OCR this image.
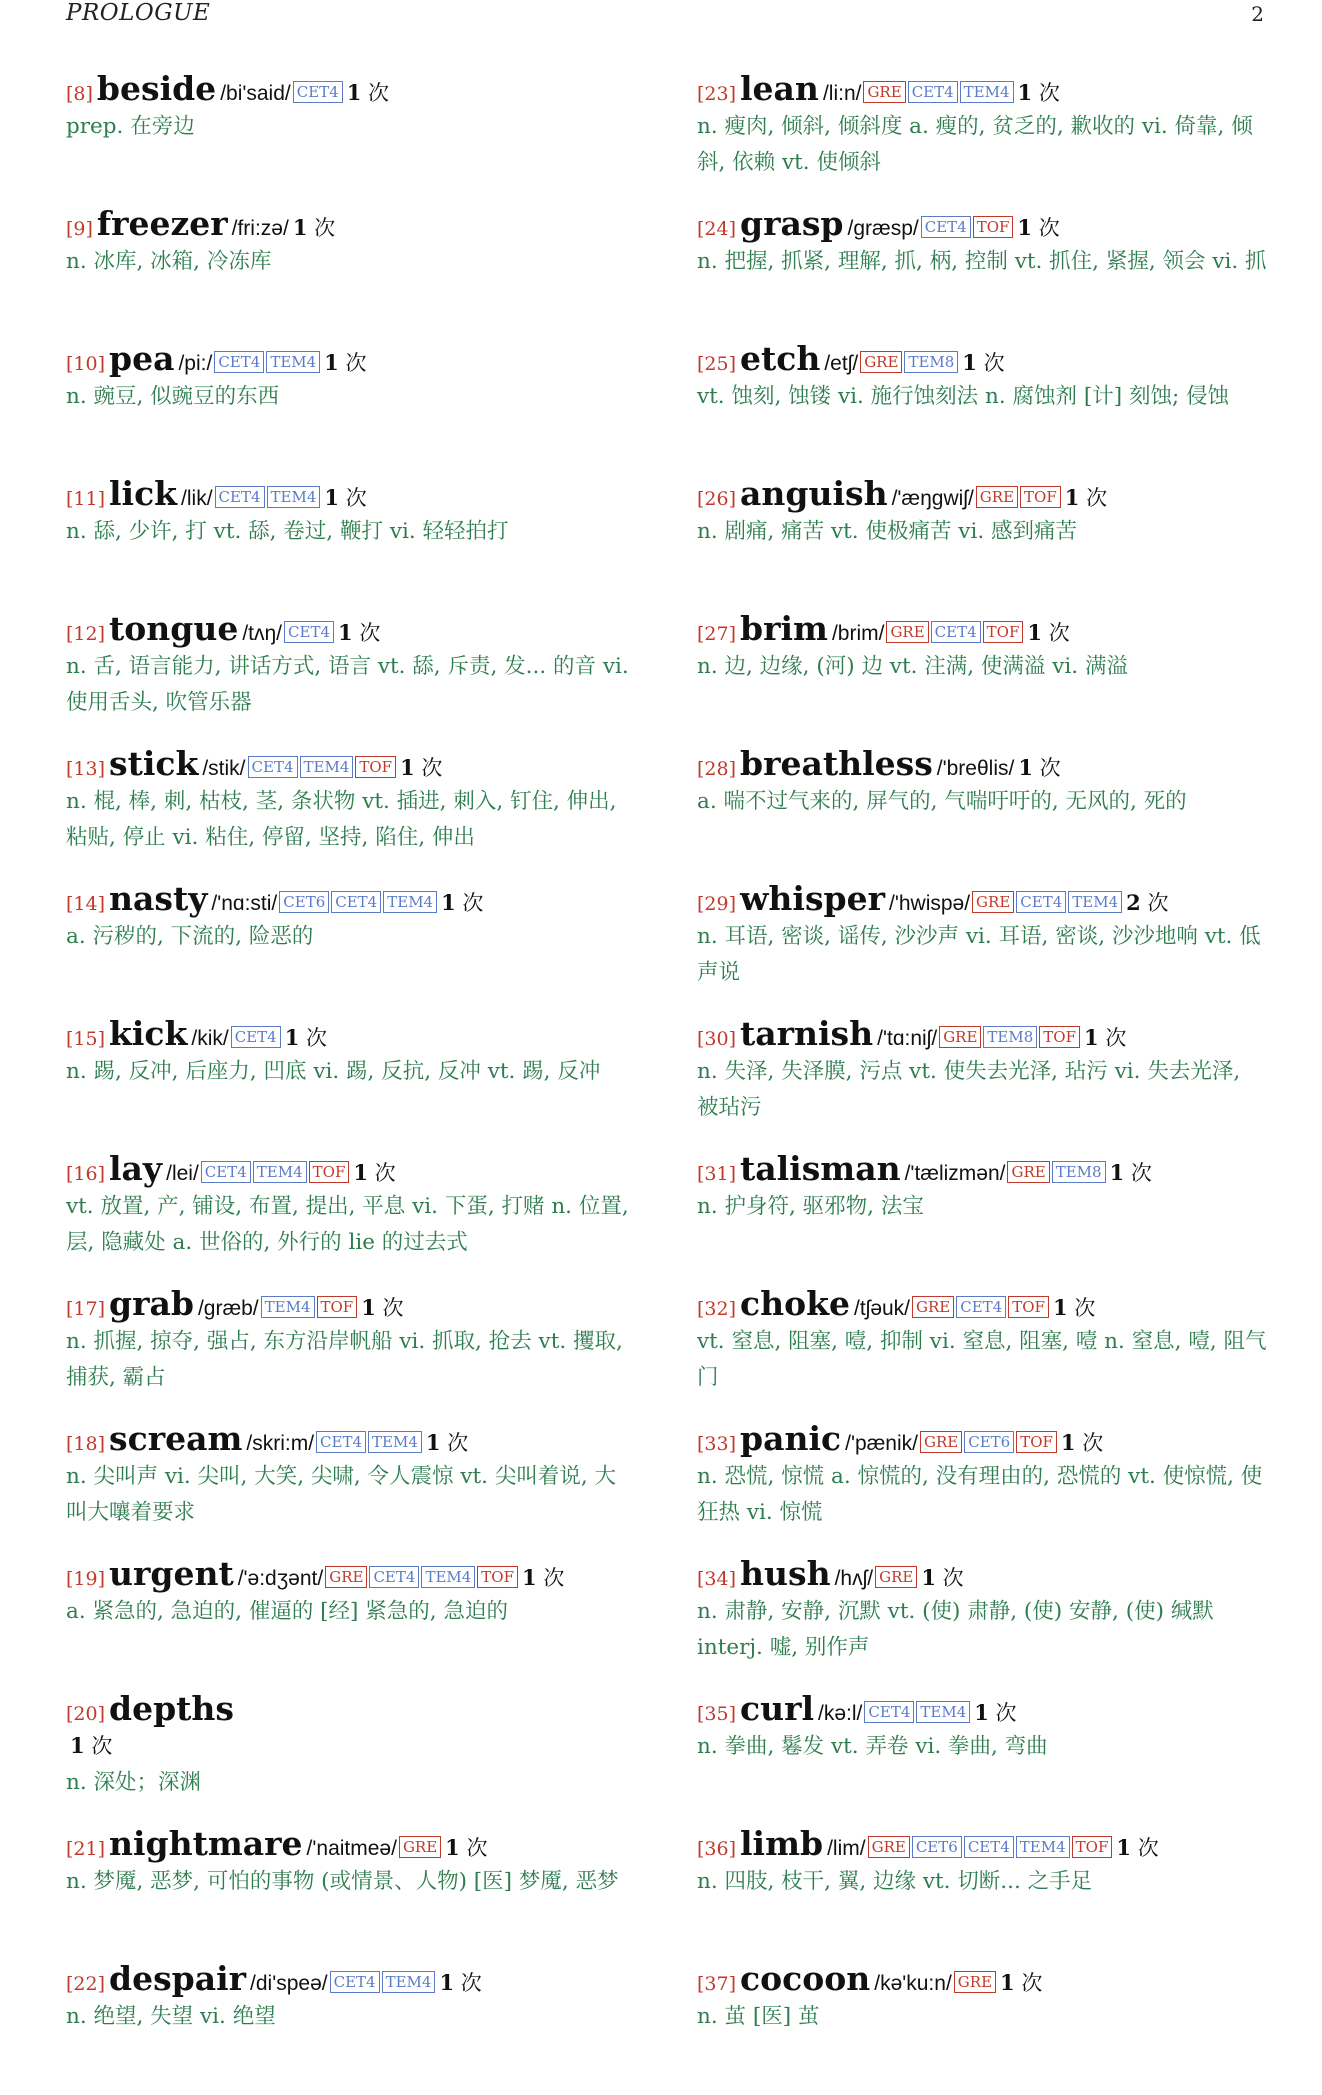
PROLOGUE	2
[8] beside /bi'said/ CET4 1 次
prep. 在旁边
[9] freezer /fri:zə/ 1 次
n. 冰库, 冰箱, 冷冻库
[10] pea /pi:/ CET4 TEM4 1 次
n. 豌豆, 似豌豆的东西
[11] lick /lik/ CET4 TEM4 1 次
n. 舔, 少许, 打 vt. 舔, 卷过, 鞭打 vi. 轻轻拍打
[12] tongue /tʌŋ/ CET4 1 次
n. 舌, 语言能力, 讲话方式, 语言 vt. 舔, 斥责, 发... 的音 vi. 使用舌头, 吹管乐器
[13] stick /stik/ CET4 TEM4 TOF 1 次
n. 棍, 棒, 刺, 枯枝, 茎, 条状物 vt. 插进, 刺入, 钉住, 伸出, 粘贴, 停止 vi. 粘住, 停留, 坚持, 陷住, 伸出
[14] nasty /'nɑ:sti/ CET6 CET4 TEM4 1 次
a. 污秽的, 下流的, 险恶的
[15] kick /kik/ CET4 1 次
n. 踢, 反冲, 后座力, 凹底 vi. 踢, 反抗, 反冲 vt. 踢, 反冲
[16] lay /lei/ CET4 TEM4 TOF 1 次
vt. 放置, 产, 铺设, 布置, 提出, 平息 vi. 下蛋, 打赌 n. 位置, 层, 隐藏处 a. 世俗的, 外行的 lie 的过去式
[17] grab /græb/ TEM4 TOF 1 次
n. 抓握, 掠夺, 强占, 东方沿岸帆船 vi. 抓取, 抢去 vt. 攫取, 捕获, 霸占
[18] scream /skri:m/ CET4 TEM4 1 次
n. 尖叫声 vi. 尖叫, 大笑, 尖啸, 令人震惊 vt. 尖叫着说, 大叫大嚷着要求
[19] urgent /'ə:dʒənt/ GRE CET4 TEM4 TOF 1 次
a. 紧急的, 急迫的, 催逼的 [经] 紧急的, 急迫的
[20] depths
1 次
n. 深处；深渊
[21] nightmare /'naitmeə/ GRE 1 次
n. 梦魇, 恶梦, 可怕的事物 (或情景、人物) [医] 梦魇, 恶梦
[22] despair /di'speə/ CET4 TEM4 1 次
n. 绝望, 失望 vi. 绝望
[23] lean /li:n/ GRE CET4 TEM4 1 次
n. 瘦肉, 倾斜, 倾斜度 a. 瘦的, 贫乏的, 歉收的 vi. 倚靠, 倾斜, 依赖 vt. 使倾斜
[24] grasp /græsp/ CET4 TOF 1 次
n. 把握, 抓紧, 理解, 抓, 柄, 控制 vt. 抓住, 紧握, 领会 vi. 抓
[25] etch /etʃ/ GRE TEM8 1 次
vt. 蚀刻, 蚀镂 vi. 施行蚀刻法 n. 腐蚀剂 [计] 刻蚀; 侵蚀
[26] anguish /'æŋgwiʃ/ GRE TOF 1 次
n. 剧痛, 痛苦 vt. 使极痛苦 vi. 感到痛苦
[27] brim /brim/ GRE CET4 TOF 1 次
n. 边, 边缘, (河) 边 vt. 注满, 使满溢 vi. 满溢
[28] breathless /'breθlis/ 1 次
a. 喘不过气来的, 屏气的, 气喘吁吁的, 无风的, 死的
[29] whisper /'hwispə/ GRE CET4 TEM4 2 次
n. 耳语, 密谈, 谣传, 沙沙声 vi. 耳语, 密谈, 沙沙地响 vt. 低声说
[30] tarnish /'tɑ:niʃ/ GRE TEM8 TOF 1 次
n. 失泽, 失泽膜, 污点 vt. 使失去光泽, 玷污 vi. 失去光泽, 被玷污
[31] talisman /'tælizmən/ GRE TEM8 1 次
n. 护身符, 驱邪物, 法宝
[32] choke /tʃəuk/ GRE CET4 TOF 1 次
vt. 窒息, 阻塞, 噎, 抑制 vi. 窒息, 阻塞, 噎 n. 窒息, 噎, 阻气门
[33] panic /'pænik/ GRE CET6 TOF 1 次
n. 恐慌, 惊慌 a. 惊慌的, 没有理由的, 恐慌的 vt. 使惊慌, 使狂热 vi. 惊慌
[34] hush /hʌʃ/ GRE 1 次
n. 肃静, 安静, 沉默 vt. (使) 肃静, (使) 安静, (使) 缄默 interj. 嘘, 别作声
[35] curl /kə:l/ CET4 TEM4 1 次
n. 拳曲, 鬈发 vt. 弄卷 vi. 拳曲, 弯曲
[36] limb /lim/ GRE CET6 CET4 TEM4 TOF 1 次
n. 四肢, 枝干, 翼, 边缘 vt. 切断... 之手足
[37] cocoon /kə'ku:n/ GRE 1 次
n. 茧 [医] 茧
